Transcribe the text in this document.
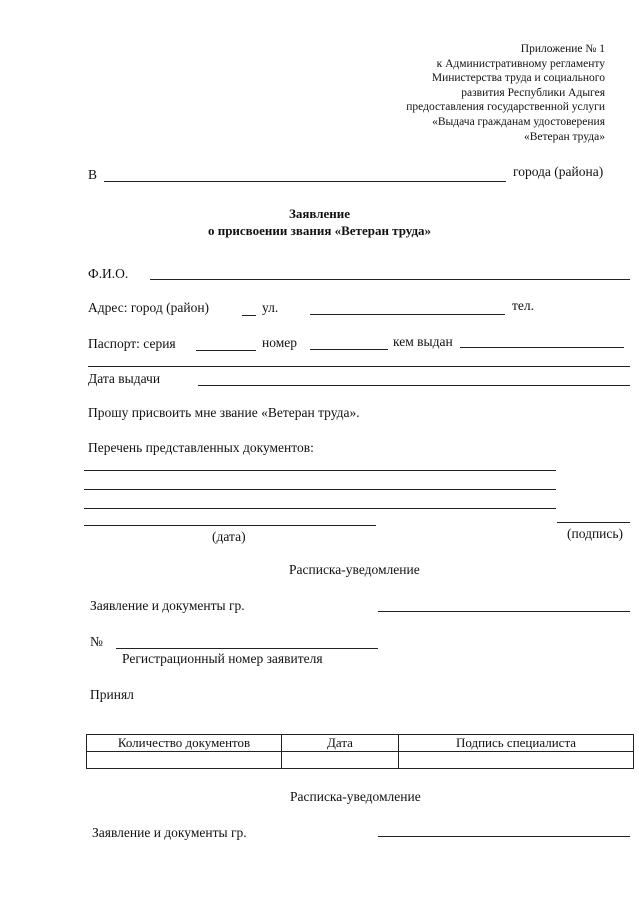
Приложение № 1
к Административному регламенту
Министерства труда и социального
развития Республики Адыгея
предоставления государственной услуги
«Выдача гражданам удостоверения
«Ветеран труда»
В	города (района)
Заявление
о присвоении звания «Ветеран труда»
Ф.И.О.
Адрес: город (район)	ул.	тел.
Паспорт: серия	номер	кем выдан
Дата выдачи
Прошу присвоить мне звание «Ветеран труда».
Перечень представленных документов:
(дата)	(подпись)
Расписка-уведомление
Заявление и документы гр.
№
Регистрационный номер заявителя
Принял
Количество документов	Дата	Подпись специалиста

Расписка-уведомление
Заявление и документы гр.
